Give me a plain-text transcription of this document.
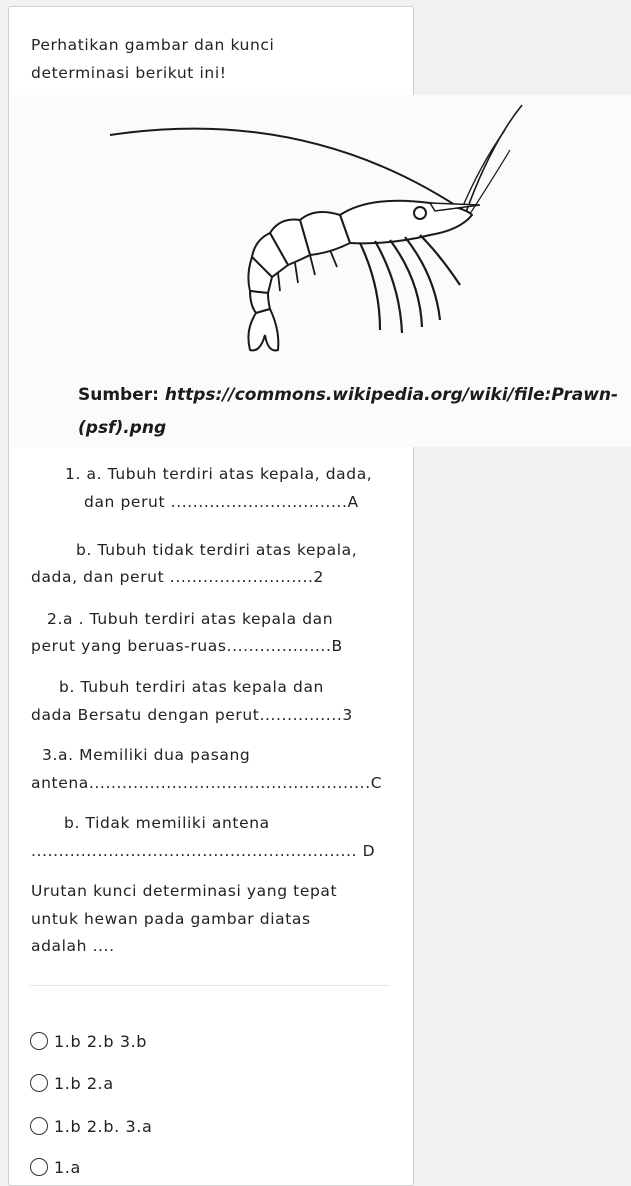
Perhatikan gambar dan kunci
determinasi berikut ini!
Sumber: https://commons.wikipedia.org/wiki/file:Prawn-
(psf).png
1. a. Tubuh terdiri atas kepala, dada,
dan perut ................................A
b. Tubuh tidak terdiri atas kepala,
dada, dan perut ..........................2
2.a . Tubuh terdiri atas kepala dan
perut yang beruas-ruas...................B
b. Tubuh terdiri atas kepala dan
dada Bersatu dengan perut...............3
3.a. Memiliki dua pasang
antena...................................................C
b. Tidak memiliki antena
........................................................... D
Urutan kunci determinasi yang tepat
untuk hewan pada gambar diatas
adalah ....
1.b 2.b 3.b
1.b 2.a
1.b 2.b. 3.a
1.a
